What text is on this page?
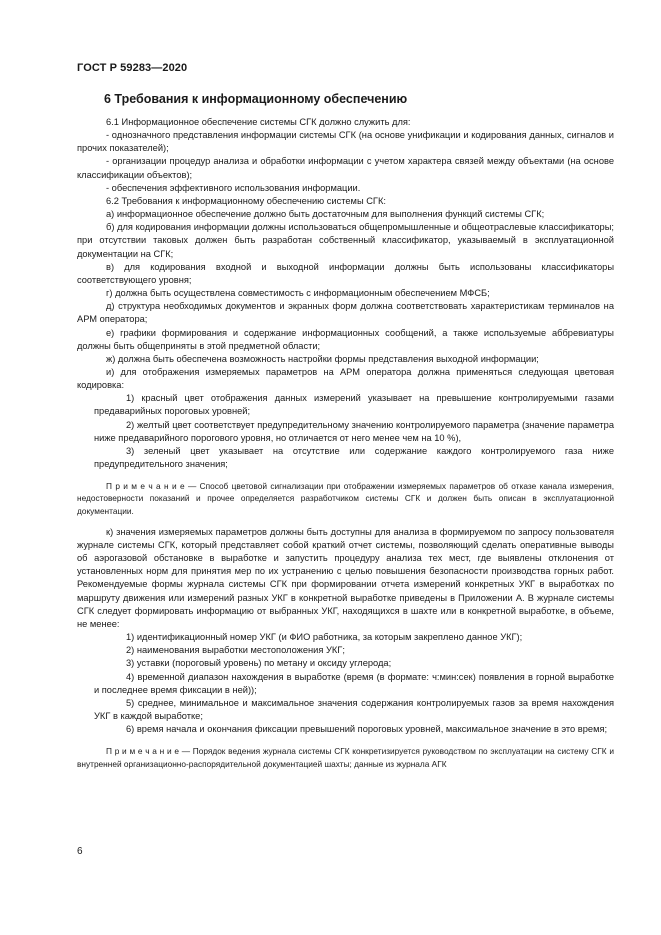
ГОСТ Р 59283—2020
6 Требования к информационному обеспечению

6.1 Информационное обеспечение системы СГК должно служить для:

- однозначного представления информации системы СГК (на основе унификации и кодирования данных, сигналов и прочих показателей);

- организации процедур анализа и обработки информации с учетом характера связей между объектами (на основе классификации объектов);

- обеспечения эффективного использования информации.

6.2 Требования к информационному обеспечению системы СГК:

а) информационное обеспечение должно быть достаточным для выполнения функций системы СГК;

б) для кодирования информации должны использоваться общепромышленные и общеотраслевые классификаторы; при отсутствии таковых должен быть разработан собственный классификатор, указываемый в эксплуатационной документации на СГК;

в) для кодирования входной и выходной информации должны быть использованы классификаторы соответствующего уровня;

г) должна быть осуществлена совместимость с информационным обеспечением МФСБ;

д) структура необходимых документов и экранных форм должна соответствовать характеристикам терминалов на АРМ оператора;

е) графики формирования и содержание информационных сообщений, а также используемые аббревиатуры должны быть общеприняты в этой предметной области;

ж) должна быть обеспечена возможность настройки формы представления выходной информации;

и) для отображения измеряемых параметров на АРМ оператора должна применяться следующая цветовая кодировка:

1) красный цвет отображения данных измерений указывает на превышение контролируемыми газами предаварийных пороговых уровней;

2) желтый цвет соответствует предупредительному значению контролируемого параметра (значение параметра ниже предаварийного порогового уровня, но отличается от него менее чем на 10 %),

3) зеленый цвет указывает на отсутствие или содержание каждого контролируемого газа ниже предупредительного значения;

П р и м е ч а н и е — Способ цветовой сигнализации при отображении измеряемых параметров об отказе канала измерения, недостоверности показаний и прочее определяется разработчиком системы СГК и должен быть описан в эксплуатационной документации.

к) значения измеряемых параметров должны быть доступны для анализа в формируемом по запросу пользователя журнале системы СГК, который представляет собой краткий отчет системы, позволяющий сделать оперативные выводы об аэрогазовой обстановке в выработке и запустить процедуру анализа тех мест, где выявлены отклонения от установленных норм для принятия мер по их устранению с целью повышения безопасности производства горных работ. Рекомендуемые формы журнала системы СГК при формировании отчета измерений конкретных УКГ в выработках по маршруту движения или измерений разных УКГ в конкретной выработке приведены в Приложении А. В журнале системы СГК следует формировать информацию от выбранных УКГ, находящихся в шахте или в конкретной выработке, в объеме, не менее:

1) идентификационный номер УКГ (и ФИО работника, за которым закреплено данное УКГ);

2) наименования выработки местоположения УКГ;

3) уставки (пороговый уровень) по метану и оксиду углерода;

4) временной диапазон нахождения в выработке (время (в формате: ч:мин:сек) появления в горной выработке и последнее время фиксации в ней));

5) среднее, минимальное и максимальное значения содержания контролируемых газов за время нахождения УКГ в каждой выработке;

6) время начала и окончания фиксации превышений пороговых уровней, максимальное значение в это время;

П р и м е ч а н и е — Порядок ведения журнала системы СГК конкретизируется руководством по эксплуатации на систему СГК и внутренней организационно-распорядительной документацией шахты; данные из журнала АГК

6
